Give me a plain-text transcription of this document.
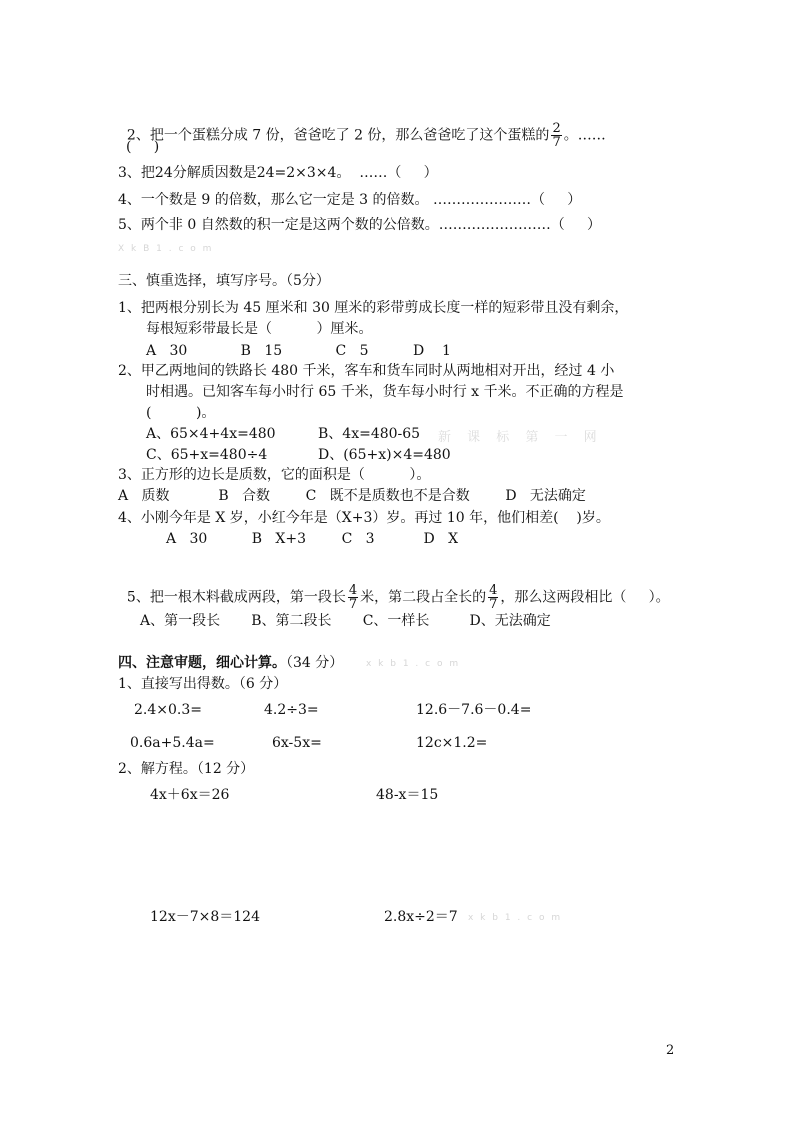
2、把一个蛋糕分成 7 份，爸爸吃了 2 份，那么爸爸吃了这个蛋糕的 $\frac{2}{7}$ 。……

(     )
3、把24分解质因数是24=2×3×4。  ……（     ）
4、一个数是 9 的倍数，那么它一定是 3 的倍数。 …………………（     ）
5、两个非 0 自然数的积一定是这两个数的公倍数。……………………（     ）
X k B 1 . c o m
三、慎重选择，填写序号。（5分）
1、把两根分别长为 45 厘米和 30 厘米的彩带剪成长度一样的短彩带且没有剩余，
每根短彩带最长是（          ）厘米。
A   30            B   15            C   5          D    1
2、甲乙两地间的铁路长 480 千米，客车和货车同时从两地相对开出，经过 4 小
时相遇。已知客车每小时行 65 千米，货车每小时行 x 千米。不正确的方程是
(          )。
A、65×4+4x=480	B、4x=480-65 新 课 标 第 一 网
C、65+x=480÷4	D、(65+x)×4=480
3、正方形的边长是质数，它的面积是（          ）。
A   质数           B   合数        C   既不是质数也不是合数        D   无法确定
4、小刚今年是 X 岁，小红今年是（X+3）岁。再过 10 年，他们相差(    )岁。
A   30          B   X+3        C   3           D   X

5、把一根木料截成两段，第一段长 $\frac{4}{7}$ 米，第二段占全长的 $\frac{4}{7}$ ，那么这两段相比（     ）。

A、第一段长       B、第二段长       C、一样长         D、无法确定
四、注意审题，细心计算。（34 分）	x k b 1 . c o m
1、直接写出得数。（6 分）
2.4×0.3=	4.2÷3=	12.6－7.6－0.4=
0.6a+5.4a=	6x-5x=	12c×1.2=
2、解方程。（12 分）
4x＋6x＝26	48-x＝15
12x－7×8＝124	2.8x÷2＝7 x k b 1 . c o m
2
